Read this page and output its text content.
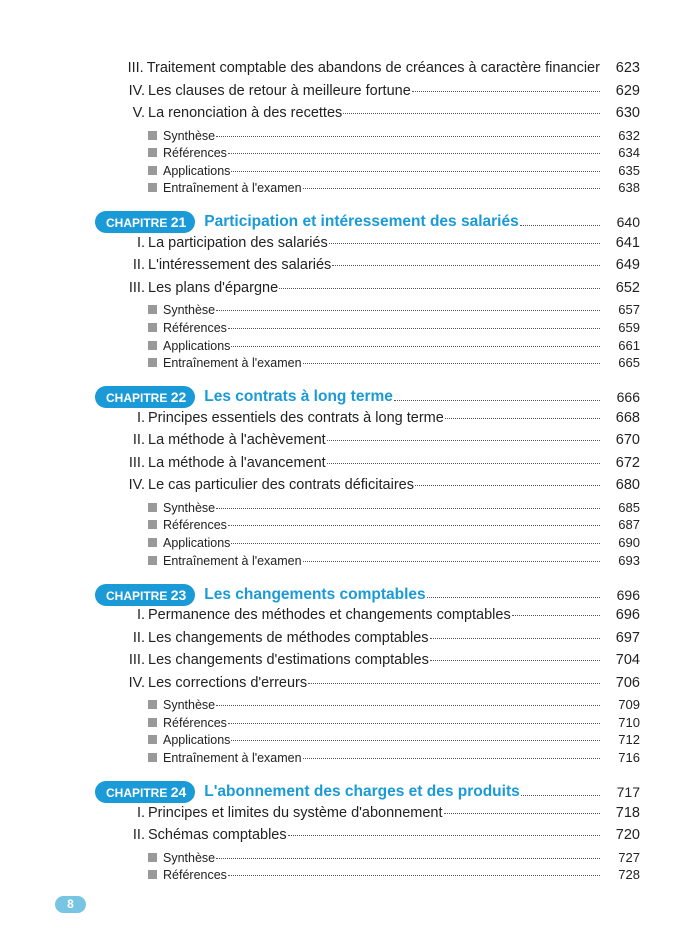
III. Traitement comptable des abandons de créances à caractère financier	623
IV. Les clauses de retour à meilleure fortune	629
V. La renonciation à des recettes	630
Synthèse	632
Références	634
Applications	635
Entraînement à l'examen	638
CHAPITRE 21	Participation et intéressement des salariés	640
I. La participation des salariés	641
II. L'intéressement des salariés	649
III. Les plans d'épargne	652
Synthèse	657
Références	659
Applications	661
Entraînement à l'examen	665
CHAPITRE 22	Les contrats à long terme	666
I. Principes essentiels des contrats à long terme	668
II. La méthode à l'achèvement	670
III. La méthode à l'avancement	672
IV. Le cas particulier des contrats déficitaires	680
Synthèse	685
Références	687
Applications	690
Entraînement à l'examen	693
CHAPITRE 23	Les changements comptables	696
I. Permanence des méthodes et changements comptables	696
II. Les changements de méthodes comptables	697
III. Les changements d'estimations comptables	704
IV. Les corrections d'erreurs	706
Synthèse	709
Références	710
Applications	712
Entraînement à l'examen	716
CHAPITRE 24	L'abonnement des charges et des produits	717
I. Principes et limites du système d'abonnement	718
II. Schémas comptables	720
Synthèse	727
Références	728
8
